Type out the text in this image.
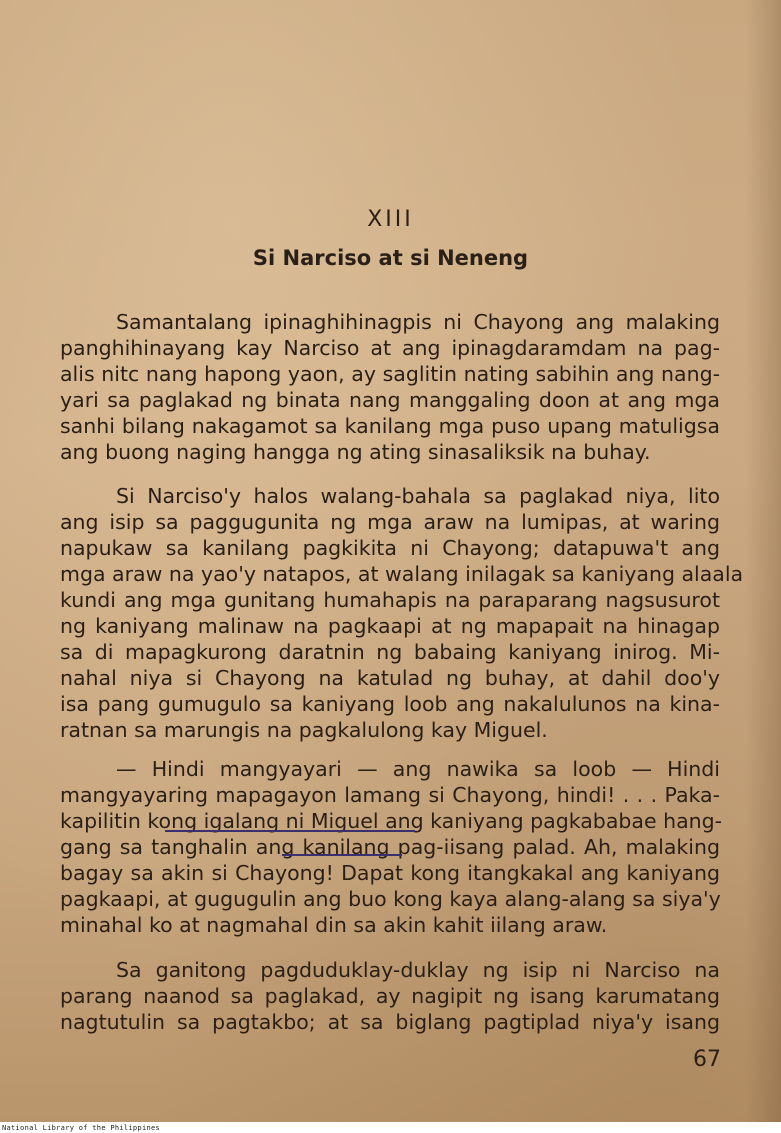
XIII
Si Narciso at si Neneng
Samantalang ipinaghihinagpis ni Chayong ang malaking
panghihinayang kay Narciso at ang ipinagdaramdam na pag-
alis nitc nang hapong yaon, ay saglitin nating sabihin ang nang-
yari sa paglakad ng binata nang manggaling doon at ang mga
sanhi bilang nakagamot sa kanilang mga puso upang matuligsa
ang buong naging hangga ng ating sinasaliksik na buhay.
Si Narciso'y halos walang-bahala sa paglakad niya, lito
ang isip sa paggugunita ng mga araw na lumipas, at waring
napukaw sa kanilang pagkikita ni Chayong; datapuwa't ang
mga araw na yao'y natapos, at walang inilagak sa kaniyang alaala
kundi ang mga gunitang humahapis na paraparang nagsusurot
ng kaniyang malinaw na pagkaapi at ng mapapait na hinagap
sa di mapagkurong daratnin ng babaing kaniyang inirog. Mi-
nahal niya si Chayong na katulad ng buhay, at dahil doo'y
isa pang gumugulo sa kaniyang loob ang nakalulunos na kina-
ratnan sa marungis na pagkalulong kay Miguel.
— Hindi mangyayari — ang nawika sa loob — Hindi
mangyayaring mapagayon lamang si Chayong, hindi! . . . Paka-
kapilitin kong igalang ni Miguel ang kaniyang pagkababae hang-
gang sa tanghalin ang kanilang pag-iisang palad. Ah, malaking
bagay sa akin si Chayong! Dapat kong itangkakal ang kaniyang
pagkaapi, at gugugulin ang buo kong kaya alang-alang sa siya'y
minahal ko at nagmahal din sa akin kahit iilang araw.
Sa ganitong pagduduklay-duklay ng isip ni Narciso na
parang naanod sa paglakad, ay nagipit ng isang karumatang
nagtutulin sa pagtakbo; at sa biglang pagtiplad niya'y isang
67
National Library of the Philippines
